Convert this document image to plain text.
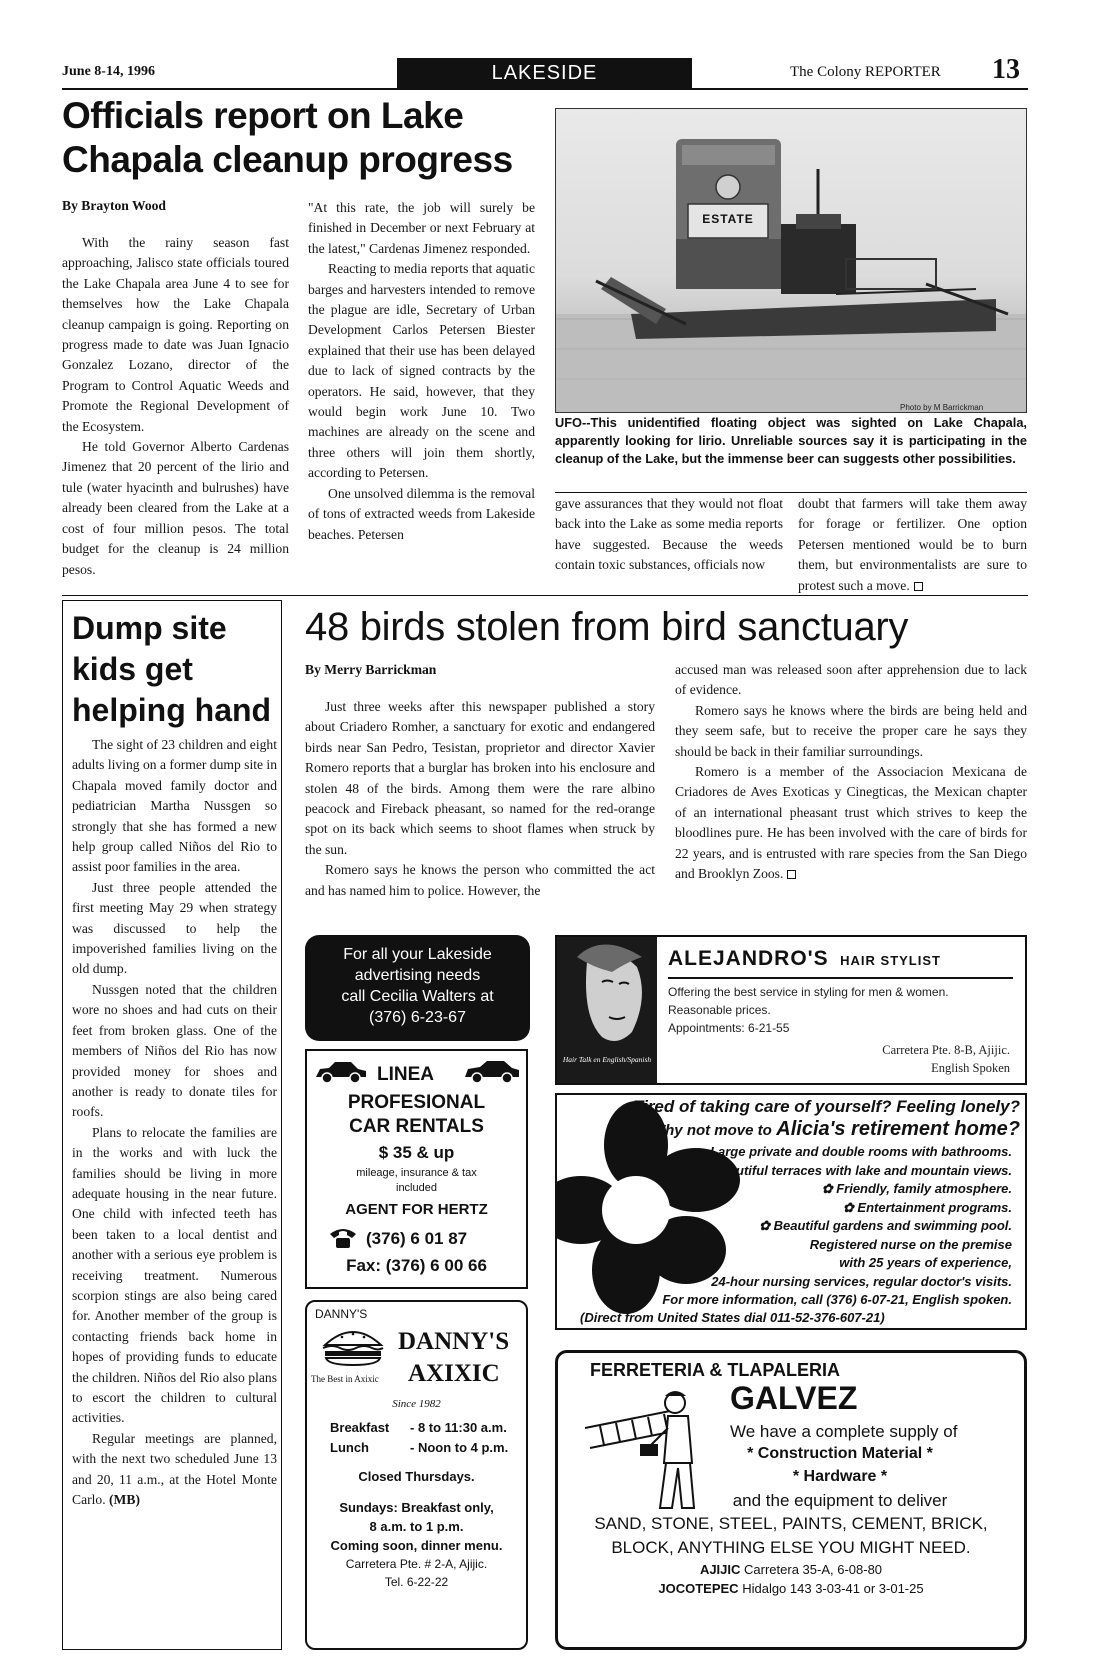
June 8-14, 1996	LAKESIDE	The Colony REPORTER 13
Officials report on Lake Chapala cleanup progress
By Brayton Wood

With the rainy season fast approaching, Jalisco state officials toured the Lake Chapala area June 4 to see for themselves how the Lake Chapala cleanup campaign is going. Reporting on progress made to date was Juan Ignacio Gonzalez Lozano, director of the Program to Control Aquatic Weeds and Promote the Regional Development of the Ecosystem.

He told Governor Alberto Cardenas Jimenez that 20 percent of the lirio and tule (water hyacinth and bulrushes) have already been cleared from the Lake at a cost of four million pesos. The total budget for the cleanup is 24 million pesos.

"At this rate, the job will surely be finished in December or next February at the latest," Cardenas Jimenez responded.

Reacting to media reports that aquatic barges and harvesters intended to remove the plague are idle, Secretary of Urban Development Carlos Petersen Biester explained that their use has been delayed due to lack of signed contracts by the operators. He said, however, that they would begin work June 10. Two machines are already on the scene and three others will join them shortly, according to Petersen.

One unsolved dilemma is the removal of tons of extracted weeds from Lakeside beaches. Petersen

ESTATE
Photo by M Barrickman
UFO--This unidentified floating object was sighted on Lake Chapala, apparently looking for lirio. Unreliable sources say it is participating in the cleanup of the Lake, but the immense beer can suggests other possibilities.

gave assurances that they would not float back into the Lake as some media reports have suggested. Because the weeds contain toxic substances, officials now

doubt that farmers will take them away for forage or fertilizer. One option Petersen mentioned would be to burn them, but environmentalists are sure to protest such a move.

Dump site kids get helping hand

The sight of 23 children and eight adults living on a former dump site in Chapala moved family doctor and pediatrician Martha Nussgen so strongly that she has formed a new help group called Niños del Rio to assist poor families in the area.

Just three people attended the first meeting May 29 when strategy was discussed to help the impoverished families living on the old dump.

Nussgen noted that the children wore no shoes and had cuts on their feet from broken glass. One of the members of Niños del Rio has now provided money for shoes and another is ready to donate tiles for roofs.

Plans to relocate the families are in the works and with luck the families should be living in more adequate housing in the near future. One child with infected teeth has been taken to a local dentist and another with a serious eye problem is receiving treatment. Numerous scorpion stings are also being cared for. Another member of the group is contacting friends back home in hopes of providing funds to educate the children. Niños del Rio also plans to escort the children to cultural activities.

Regular meetings are planned, with the next two scheduled June 13 and 20, 11 a.m., at the Hotel Monte Carlo. (MB)

48 birds stolen from bird sanctuary
By Merry Barrickman

Just three weeks after this newspaper published a story about Criadero Romher, a sanctuary for exotic and endangered birds near San Pedro, Tesistan, proprietor and director Xavier Romero reports that a burglar has broken into his enclosure and stolen 48 of the birds. Among them were the rare albino peacock and Fireback pheasant, so named for the red-orange spot on its back which seems to shoot flames when struck by the sun.

Romero says he knows the person who committed the act and has named him to police. However, the

accused man was released soon after apprehension due to lack of evidence.

Romero says he knows where the birds are being held and they seem safe, but to receive the proper care he says they should be back in their familiar surroundings.

Romero is a member of the Associacion Mexicana de Criadores de Aves Exoticas y Cinegticas, the Mexican chapter of an international pheasant trust which strives to keep the bloodlines pure. He has been involved with the care of birds for 22 years, and is entrusted with rare species from the San Diego and Brooklyn Zoos.

For all your Lakeside
advertising needs
call Cecilia Walters at
(376) 6-23-67
LINEA
PROFESIONAL
CAR RENTALS
$ 35 & up
mileage, insurance & tax
included
AGENT FOR HERTZ
(376) 6 01 87
Fax: (376) 6 00 66
DANNY'S
The Best in Axixic
DANNY'S
AXIXIC
Since 1982
Breakfast - 8 to 11:30 a.m.
Lunch	- Noon to 4 p.m.
Closed Thursdays.
Sundays: Breakfast only,
8 a.m. to 1 p.m.
Coming soon, dinner menu.
Carretera Pte. # 2-A, Ajijic.
Tel. 6-22-22
Hair Talk en English/Spanish
ALEJANDRO'S HAIR STYLIST
Offering the best service in styling for men & women.
Reasonable prices.
Appointments: 6-21-55
Carretera Pte. 8-B, Ajijic.
English Spoken
Tired of taking care of yourself? Feeling lonely?
Why not move to Alicia's retirement home?
Large private and double rooms with bathrooms.
Beautiful terraces with lake and mountain views.
✿ Friendly, family atmosphere.
✿ Entertainment programs.
✿ Beautiful gardens and swimming pool.
Registered nurse on the premise
with 25 years of experience,
24-hour nursing services, regular doctor's visits.
For more information, call (376) 6-07-21, English spoken.
(Direct from United States dial 011-52-376-607-21)
FERRETERIA & TLAPALERIA
GALVEZ
We have a complete supply of
* Construction Material *
* Hardware *
and the equipment to deliver
SAND, STONE, STEEL, PAINTS, CEMENT, BRICK,
BLOCK, ANYTHING ELSE YOU MIGHT NEED.
AJIJIC Carretera 35-A, 6-08-80
JOCOTEPEC Hidalgo 143 3-03-41 or 3-01-25
